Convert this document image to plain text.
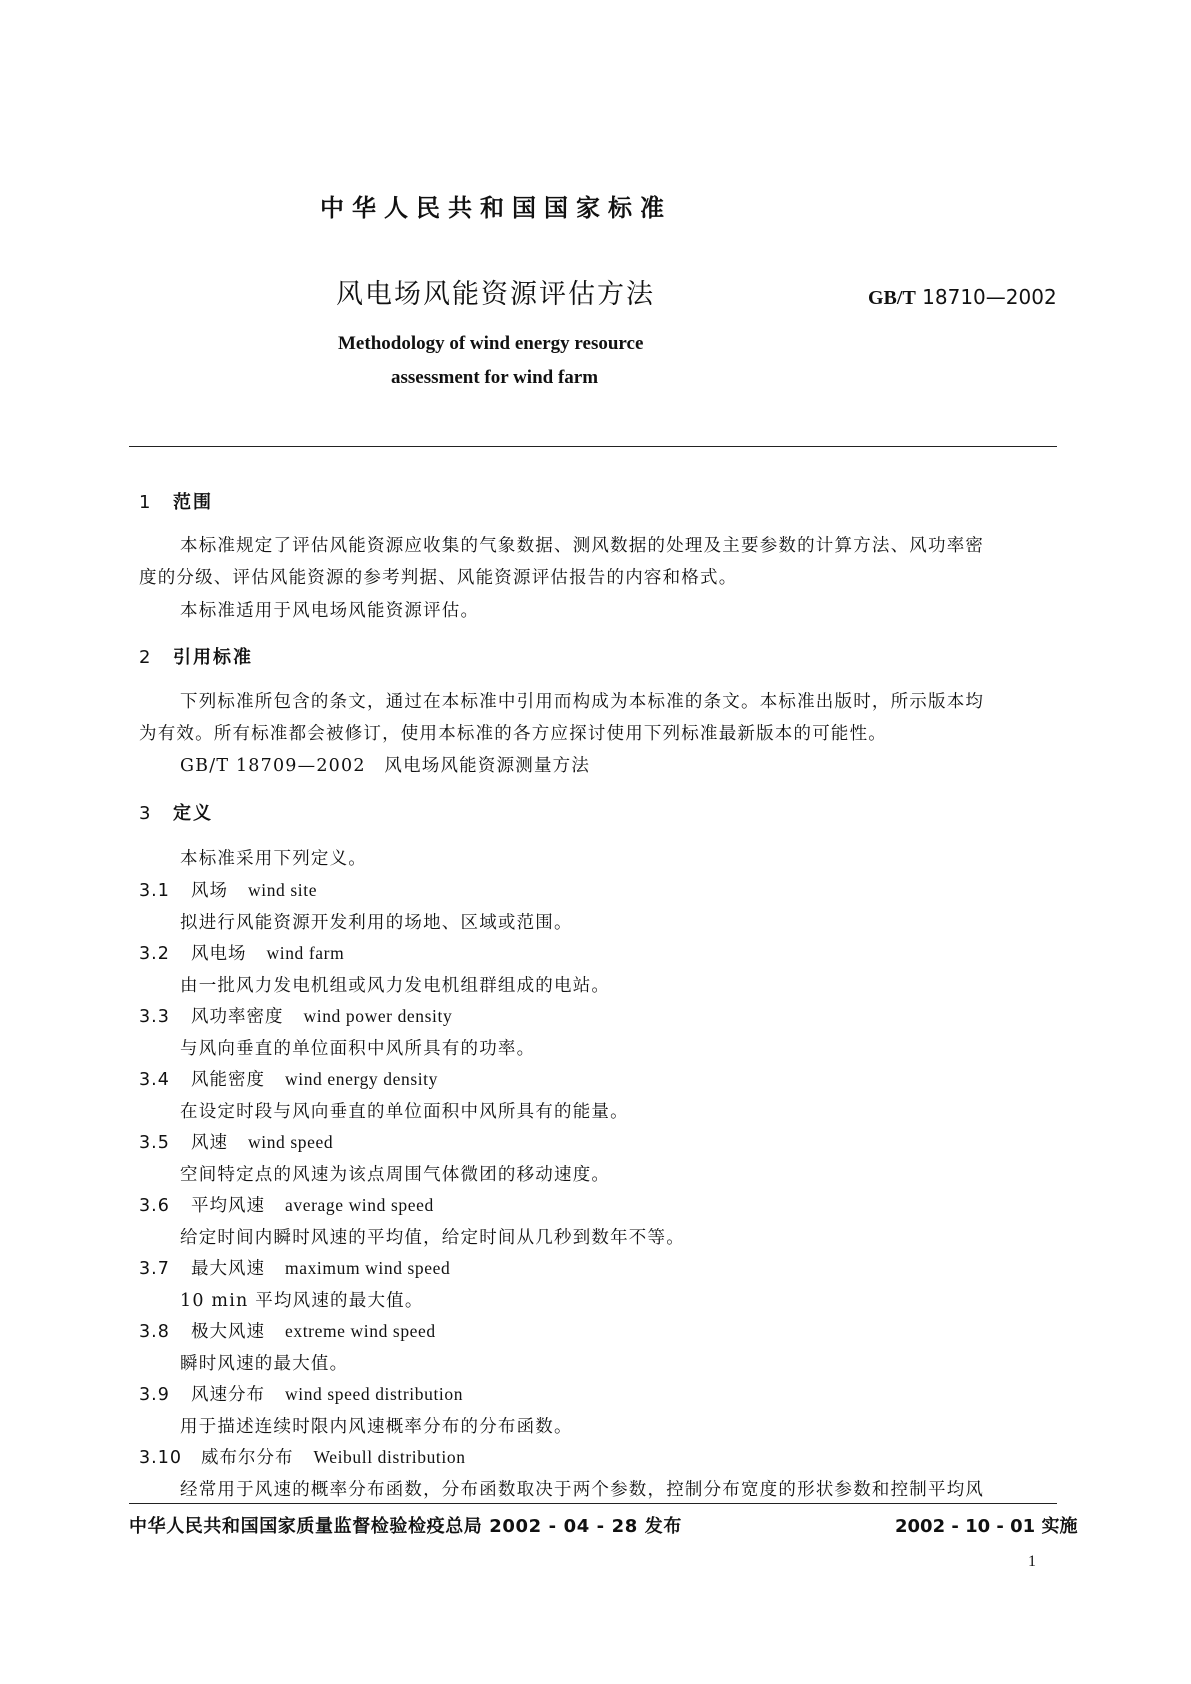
中华人民共和国国家标准
风电场风能资源评估方法	GB/T 18710—2002
Methodology of wind energy resource
assessment for wind farm
1 范围
本标准规定了评估风能资源应收集的气象数据、测风数据的处理及主要参数的计算方法、风功率密
度的分级、评估风能资源的参考判据、风能资源评估报告的内容和格式。
本标准适用于风电场风能资源评估。
2 引用标准
下列标准所包含的条文，通过在本标准中引用而构成为本标准的条文。本标准出版时，所示版本均
为有效。所有标准都会被修订，使用本标准的各方应探讨使用下列标准最新版本的可能性。
GB/T 18709—2002　风电场风能资源测量方法
3 定义
本标准采用下列定义。
3.1 风场 wind site
拟进行风能资源开发利用的场地、区域或范围。
3.2 风电场 wind farm
由一批风力发电机组或风力发电机组群组成的电站。
3.3 风功率密度 wind power density
与风向垂直的单位面积中风所具有的功率。
3.4 风能密度 wind energy density
在设定时段与风向垂直的单位面积中风所具有的能量。
3.5 风速 wind speed
空间特定点的风速为该点周围气体微团的移动速度。
3.6 平均风速 average wind speed
给定时间内瞬时风速的平均值，给定时间从几秒到数年不等。
3.7 最大风速 maximum wind speed
10 min 平均风速的最大值。
3.8 极大风速 extreme wind speed
瞬时风速的最大值。
3.9 风速分布 wind speed distribution
用于描述连续时限内风速概率分布的分布函数。
3.10 威布尔分布 Weibull distribution
经常用于风速的概率分布函数，分布函数取决于两个参数，控制分布宽度的形状参数和控制平均风
中华人民共和国国家质量监督检验检疫总局 2002 - 04 - 28 发布	2002 - 10 - 01 实施
1
